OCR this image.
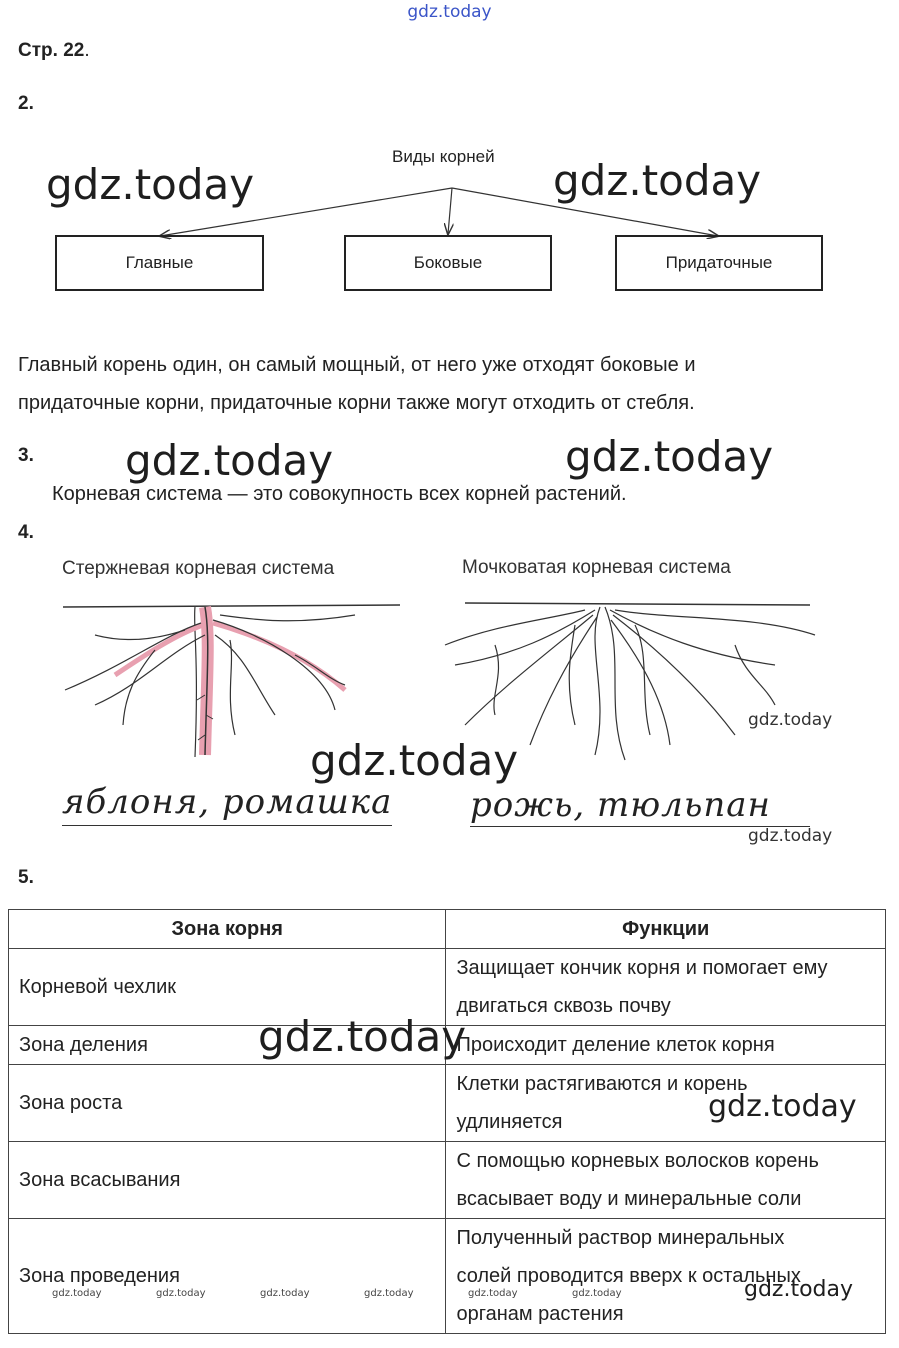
gdz.today
Стр. 22.
2.
Виды корней
Главные	Боковые	Придаточные
gdz.today	gdz.today
Главный корень один, он самый мощный, от него уже отходят боковые и
придаточные корни, придаточные корни также могут отходить от стебля.
3. gdz.today	gdz.today
Корневая система — это совокупность всех корней растений.
4.
Стержневая корневая система	Мочковатая корневая система
gdz.today
gdz.today
яблоня, ромашка рожь, тюльпан
gdz.today
5.
Зона корня	Функции
Корневой чехлик	Защищает кончик корня и помогает ему
двигаться сквозь почву

Зона деления	Происходит деление клеток корня

Зона роста	Клетки растягиваются и корень
удлиняется

Зона всасывания	С помощью корневых волосков корень
всасывает воду и минеральные соли

Зона проведения	Полученный раствор минеральных
солей проводится вверх к остальных
органам растения
gdz.today
gdz.today
gdz.today
gdz.today	gdz.today	gdz.today	gdz.today	gdz.today	gdz.today
